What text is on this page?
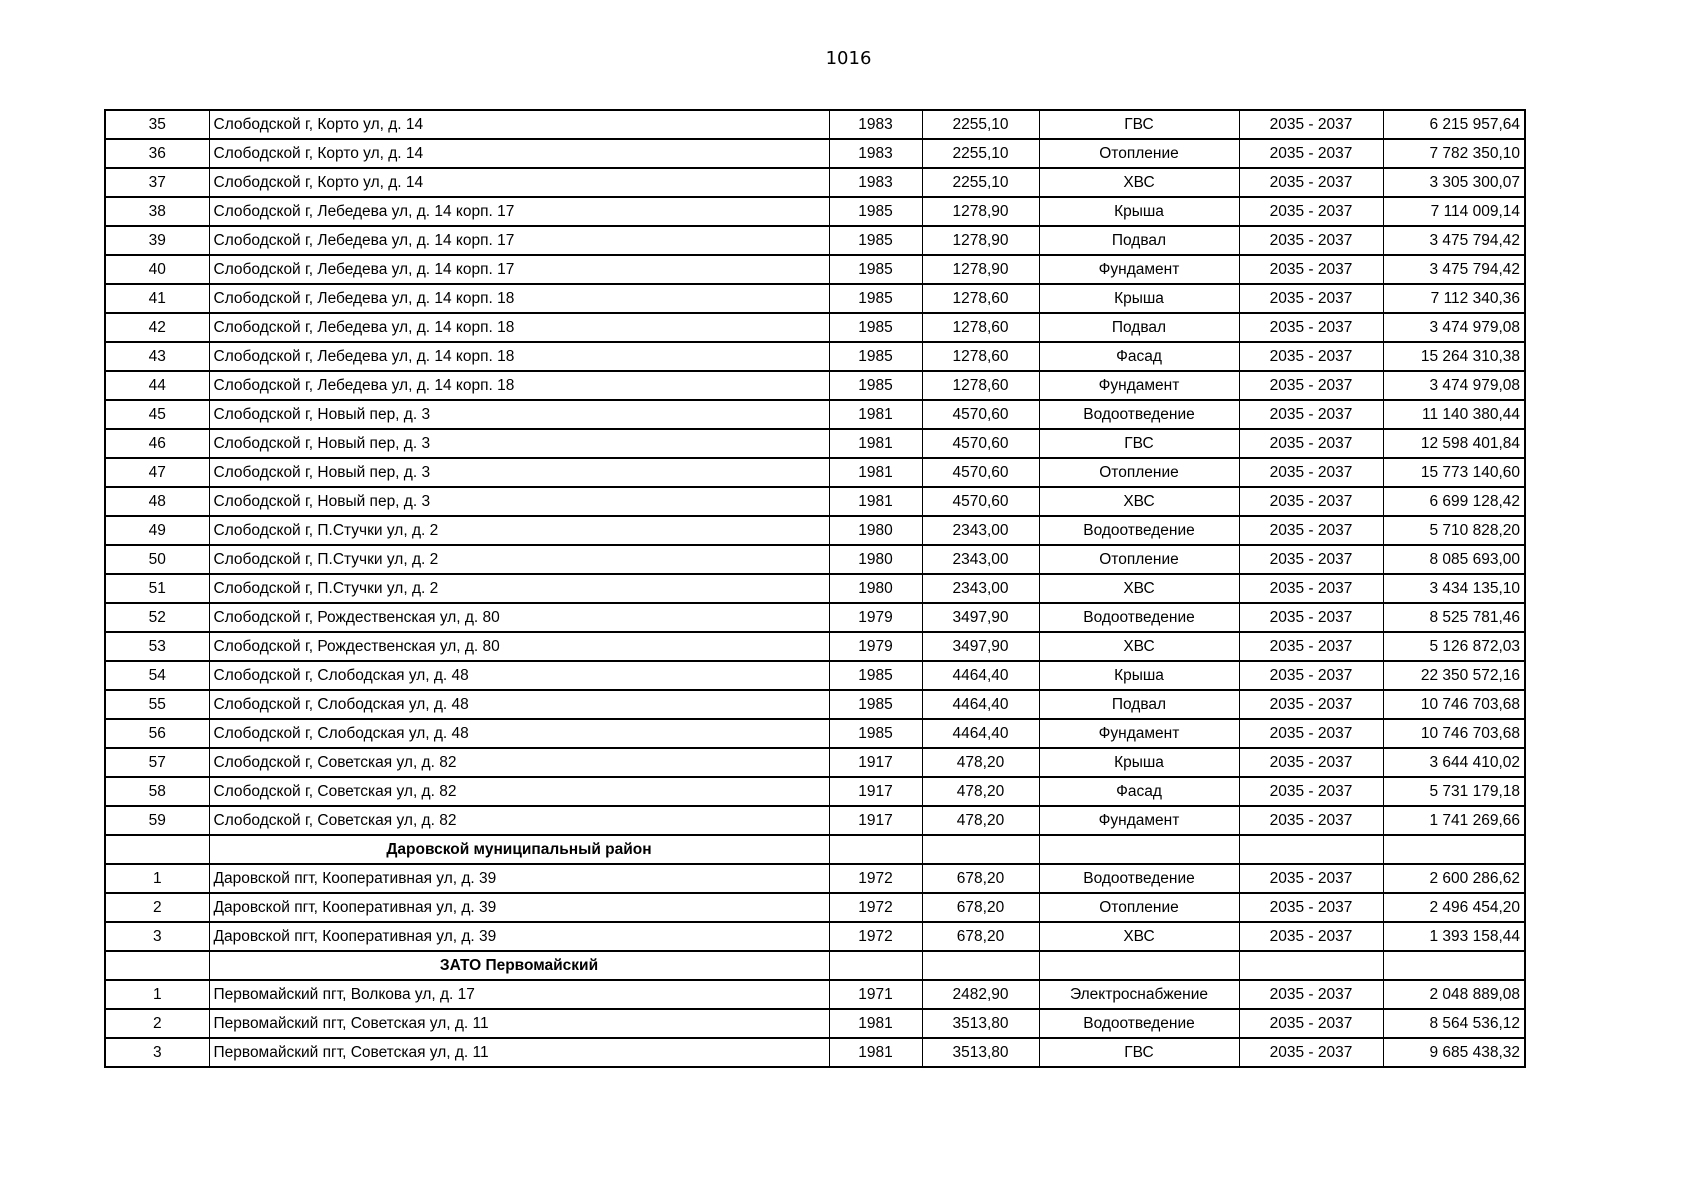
1016
35	Слободской г, Корто ул, д. 14	1983	2255,10	ГВС	2035 - 2037	6 215 957,64
36	Слободской г, Корто ул, д. 14	1983	2255,10	Отопление	2035 - 2037	7 782 350,10
37	Слободской г, Корто ул, д. 14	1983	2255,10	ХВС	2035 - 2037	3 305 300,07
38	Слободской г, Лебедева ул, д. 14 корп. 17	1985	1278,90	Крыша	2035 - 2037	7 114 009,14
39	Слободской г, Лебедева ул, д. 14 корп. 17	1985	1278,90	Подвал	2035 - 2037	3 475 794,42
40	Слободской г, Лебедева ул, д. 14 корп. 17	1985	1278,90	Фундамент	2035 - 2037	3 475 794,42
41	Слободской г, Лебедева ул, д. 14 корп. 18	1985	1278,60	Крыша	2035 - 2037	7 112 340,36
42	Слободской г, Лебедева ул, д. 14 корп. 18	1985	1278,60	Подвал	2035 - 2037	3 474 979,08
43	Слободской г, Лебедева ул, д. 14 корп. 18	1985	1278,60	Фасад	2035 - 2037	15 264 310,38
44	Слободской г, Лебедева ул, д. 14 корп. 18	1985	1278,60	Фундамент	2035 - 2037	3 474 979,08
45	Слободской г, Новый пер, д. 3	1981	4570,60	Водоотведение	2035 - 2037	11 140 380,44
46	Слободской г, Новый пер, д. 3	1981	4570,60	ГВС	2035 - 2037	12 598 401,84
47	Слободской г, Новый пер, д. 3	1981	4570,60	Отопление	2035 - 2037	15 773 140,60
48	Слободской г, Новый пер, д. 3	1981	4570,60	ХВС	2035 - 2037	6 699 128,42
49	Слободской г, П.Стучки ул, д. 2	1980	2343,00	Водоотведение	2035 - 2037	5 710 828,20
50	Слободской г, П.Стучки ул, д. 2	1980	2343,00	Отопление	2035 - 2037	8 085 693,00
51	Слободской г, П.Стучки ул, д. 2	1980	2343,00	ХВС	2035 - 2037	3 434 135,10
52	Слободской г, Рождественская ул, д. 80	1979	3497,90	Водоотведение	2035 - 2037	8 525 781,46
53	Слободской г, Рождественская ул, д. 80	1979	3497,90	ХВС	2035 - 2037	5 126 872,03
54	Слободской г, Слободская ул, д. 48	1985	4464,40	Крыша	2035 - 2037	22 350 572,16
55	Слободской г, Слободская ул, д. 48	1985	4464,40	Подвал	2035 - 2037	10 746 703,68
56	Слободской г, Слободская ул, д. 48	1985	4464,40	Фундамент	2035 - 2037	10 746 703,68
57	Слободской г, Советская ул, д. 82	1917	478,20	Крыша	2035 - 2037	3 644 410,02
58	Слободской г, Советская ул, д. 82	1917	478,20	Фасад	2035 - 2037	5 731 179,18
59	Слободской г, Советская ул, д. 82	1917	478,20	Фундамент	2035 - 2037	1 741 269,66
	Даровской муниципальный район					
1	Даровской пгт, Кооперативная ул, д. 39	1972	678,20	Водоотведение	2035 - 2037	2 600 286,62
2	Даровской пгт, Кооперативная ул, д. 39	1972	678,20	Отопление	2035 - 2037	2 496 454,20
3	Даровской пгт, Кооперативная ул, д. 39	1972	678,20	ХВС	2035 - 2037	1 393 158,44
	ЗАТО Первомайский					
1	Первомайский пгт, Волкова ул, д. 17	1971	2482,90	Электроснабжение	2035 - 2037	2 048 889,08
2	Первомайский пгт, Советская ул, д. 11	1981	3513,80	Водоотведение	2035 - 2037	8 564 536,12
3	Первомайский пгт, Советская ул, д. 11	1981	3513,80	ГВС	2035 - 2037	9 685 438,32
